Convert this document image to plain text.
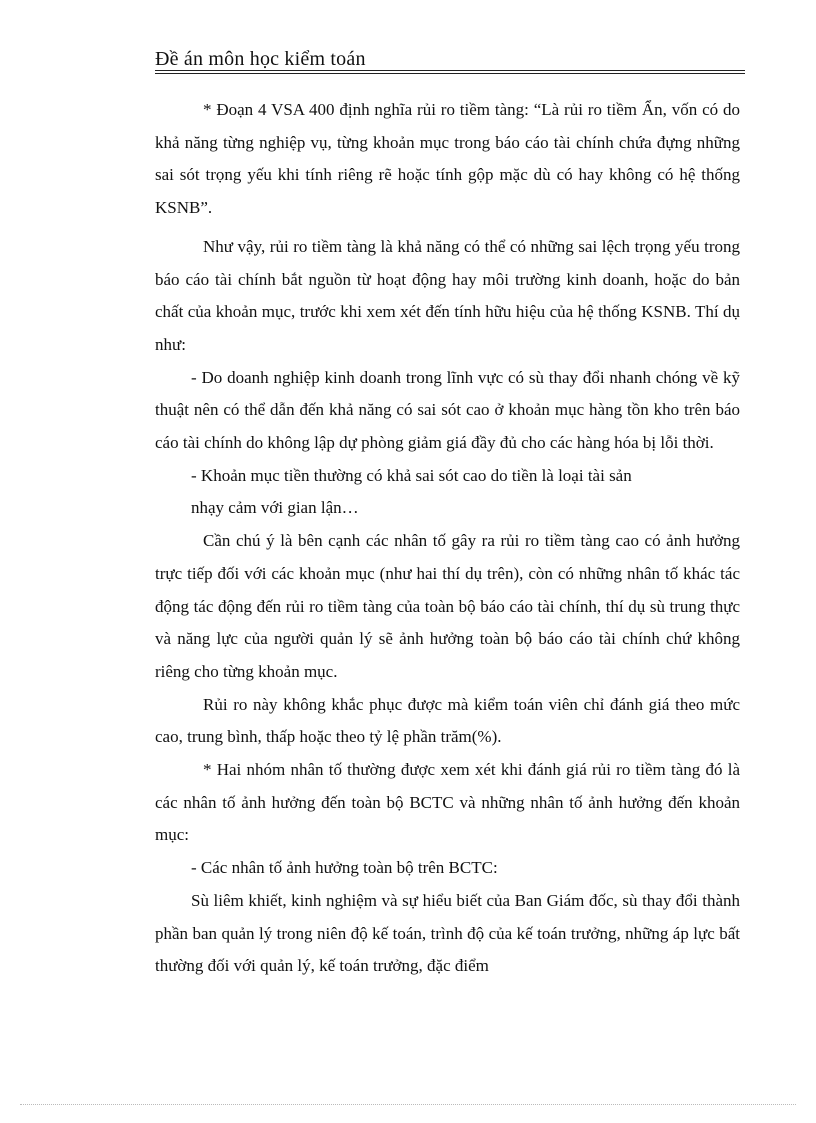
Đề án môn học kiểm toán

* Đoạn 4 VSA 400 định nghĩa rủi ro tiềm tàng: “Là rủi ro tiềm Ẩn, vốn có do khả năng từng nghiệp vụ, từng khoản mục trong báo cáo tài chính chứa đựng những sai sót trọng yếu khi tính riêng rẽ hoặc tính gộp mặc dù có hay không có hệ thống KSNB”.

Như vậy, rủi ro tiềm tàng là khả năng có thể có những sai lệch trọng yếu trong báo cáo tài chính bắt nguồn từ hoạt động hay môi trường kinh doanh, hoặc do bản chất của khoản mục, trước khi xem xét đến tính hữu hiệu của hệ thống KSNB. Thí dụ như:

- Do doanh nghiệp kinh doanh trong lĩnh vực có sù thay đổi nhanh chóng về kỹ thuật nên có thể dẫn đến khả năng có sai sót cao ở khoản mục hàng tồn kho trên báo cáo tài chính do không lập dự phòng giảm giá đầy đủ cho các hàng hóa bị lỗi thời.

- Khoản mục tiền thường có khả sai sót cao do tiền là loại tài sản

nhạy cảm với gian lận…

Cần chú ý là bên cạnh các nhân tố gây ra rủi ro tiềm tàng cao có ảnh hưởng trực tiếp đối với các khoản mục (như hai thí dụ trên), còn có những nhân tố khác tác động tác động đến rủi ro tiềm tàng của toàn bộ báo cáo tài chính, thí dụ sù trung thực và năng lực của người quản lý sẽ ảnh hưởng toàn bộ báo cáo tài chính chứ không riêng cho từng khoản mục.

Rủi ro này không khắc phục được mà kiểm toán viên chỉ đánh giá theo mức cao, trung bình, thấp hoặc theo tỷ lệ phần trăm(%).

* Hai nhóm nhân tố thường được xem xét khi đánh giá rủi ro tiềm tàng đó là các nhân tố ảnh hưởng đến toàn bộ BCTC và những nhân tố ảnh hưởng đến khoản mục:

- Các nhân tố ảnh hưởng toàn bộ trên BCTC:

Sù liêm khiết, kinh nghiệm và sự hiểu biết của Ban Giám đốc, sù thay đổi thành phần ban quản lý trong niên độ kế toán, trình độ của kế toán trưởng, những áp lực bất thường đối với quản lý, kế toán trưởng, đặc điểm
